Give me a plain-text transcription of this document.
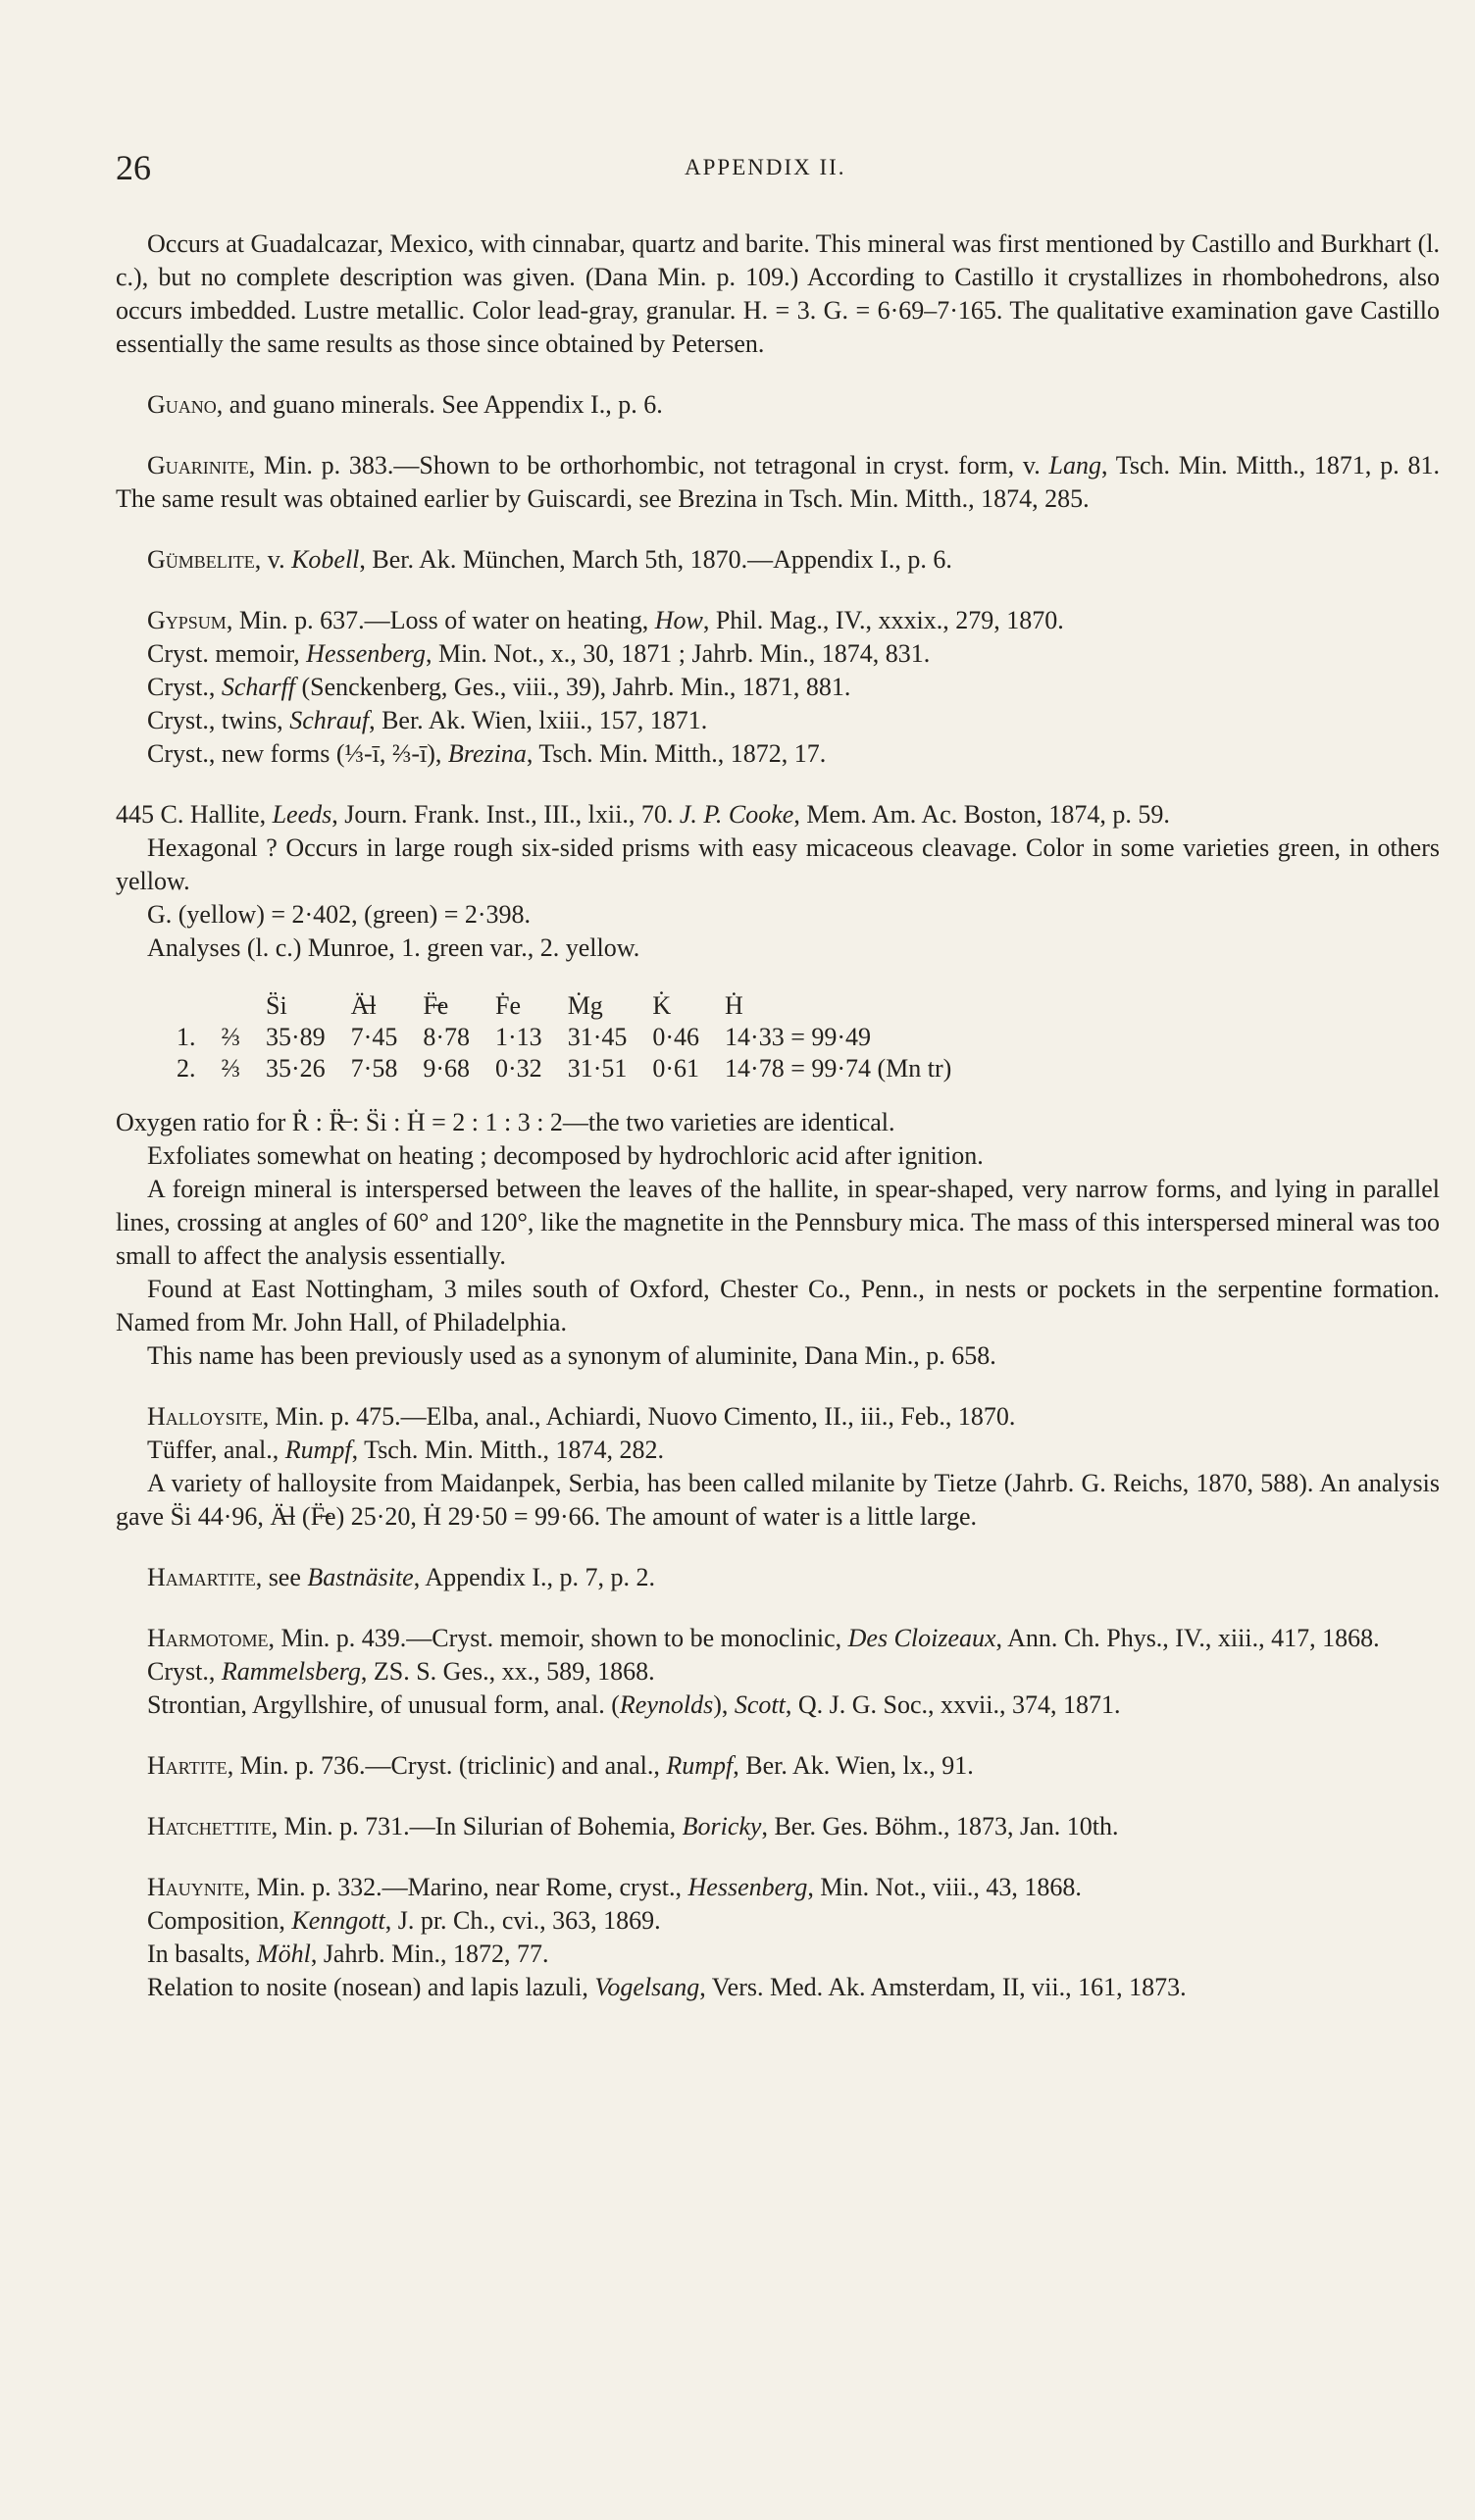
26	APPENDIX II.

Occurs at Guadalcazar, Mexico, with cinnabar, quartz and barite. This mineral was first mentioned by Castillo and Burkhart (l. c.), but no complete description was given. (Dana Min. p. 109.) According to Castillo it crystallizes in rhombohedrons, also occurs imbedded. Lustre metallic. Color lead-gray, granular. H. = 3. G. = 6·69–7·165. The qualitative examination gave Castillo essentially the same results as those since obtained by Petersen.

Guano, and guano minerals. See Appendix I., p. 6.

Guarinite, Min. p. 383.—Shown to be orthorhombic, not tetragonal in cryst. form, v. Lang, Tsch. Min. Mitth., 1871, p. 81. The same result was obtained earlier by Guiscardi, see Brezina in Tsch. Min. Mitth., 1874, 285.

Gümbelite, v. Kobell, Ber. Ak. München, March 5th, 1870.—Appendix I., p. 6.

Gypsum, Min. p. 637.—Loss of water on heating, How, Phil. Mag., IV., xxxix., 279, 1870.

Cryst. memoir, Hessenberg, Min. Not., x., 30, 1871 ; Jahrb. Min., 1874, 831.

Cryst., Scharff (Senckenberg, Ges., viii., 39), Jahrb. Min., 1871, 881.

Cryst., twins, Schrauf, Ber. Ak. Wien, lxiii., 157, 1871.

Cryst., new forms (⅓-ī, ⅔-ī), Brezina, Tsch. Min. Mitth., 1872, 17.

445 C. Hallite, Leeds, Journ. Frank. Inst., III., lxii., 70. J. P. Cooke, Mem. Am. Ac. Boston, 1874, p. 59.

Hexagonal ? Occurs in large rough six-sided prisms with easy micaceous cleavage. Color in some varieties green, in others yellow.

G. (yellow) = 2·402, (green) = 2·398.

Analyses (l. c.) Munroe, 1. green var., 2. yellow.

		S̈i	Ä̶l	F̶̈e	Ḟe	Ṁg	K̇	Ḣ
1.	⅔	35·89	7·45	8·78	1·13	31·45	0·46	14·33 = 99·49
2.	⅔	35·26	7·58	9·68	0·32	31·51	0·61	14·78 = 99·74 (Mn tr)

Oxygen ratio for Ṙ : R̶̈ : S̈i : Ḣ = 2 : 1 : 3 : 2—the two varieties are identical.

Exfoliates somewhat on heating ; decomposed by hydrochloric acid after ignition.

A foreign mineral is interspersed between the leaves of the hallite, in spear-shaped, very narrow forms, and lying in parallel lines, crossing at angles of 60° and 120°, like the magnetite in the Pennsbury mica. The mass of this interspersed mineral was too small to affect the analysis essentially.

Found at East Nottingham, 3 miles south of Oxford, Chester Co., Penn., in nests or pockets in the serpentine formation. Named from Mr. John Hall, of Philadelphia.

This name has been previously used as a synonym of aluminite, Dana Min., p. 658.

Halloysite, Min. p. 475.—Elba, anal., Achiardi, Nuovo Cimento, II., iii., Feb., 1870.

Tüffer, anal., Rumpf, Tsch. Min. Mitth., 1874, 282.

A variety of halloysite from Maidanpek, Serbia, has been called milanite by Tietze (Jahrb. G. Reichs, 1870, 588). An analysis gave S̈i 44·96, Ä̶l (F̶̈e) 25·20, Ḣ 29·50 = 99·66. The amount of water is a little large.

Hamartite, see Bastnäsite, Appendix I., p. 7, p. 2.

Harmotome, Min. p. 439.—Cryst. memoir, shown to be monoclinic, Des Cloizeaux, Ann. Ch. Phys., IV., xiii., 417, 1868.

Cryst., Rammelsberg, ZS. S. Ges., xx., 589, 1868.

Strontian, Argyllshire, of unusual form, anal. (Reynolds), Scott, Q. J. G. Soc., xxvii., 374, 1871.

Hartite, Min. p. 736.—Cryst. (triclinic) and anal., Rumpf, Ber. Ak. Wien, lx., 91.

Hatchettite, Min. p. 731.—In Silurian of Bohemia, Boricky, Ber. Ges. Böhm., 1873, Jan. 10th.

Hauynite, Min. p. 332.—Marino, near Rome, cryst., Hessenberg, Min. Not., viii., 43, 1868.

Composition, Kenngott, J. pr. Ch., cvi., 363, 1869.

In basalts, Möhl, Jahrb. Min., 1872, 77.

Relation to nosite (nosean) and lapis lazuli, Vogelsang, Vers. Med. Ak. Amsterdam, II, vii., 161, 1873.
